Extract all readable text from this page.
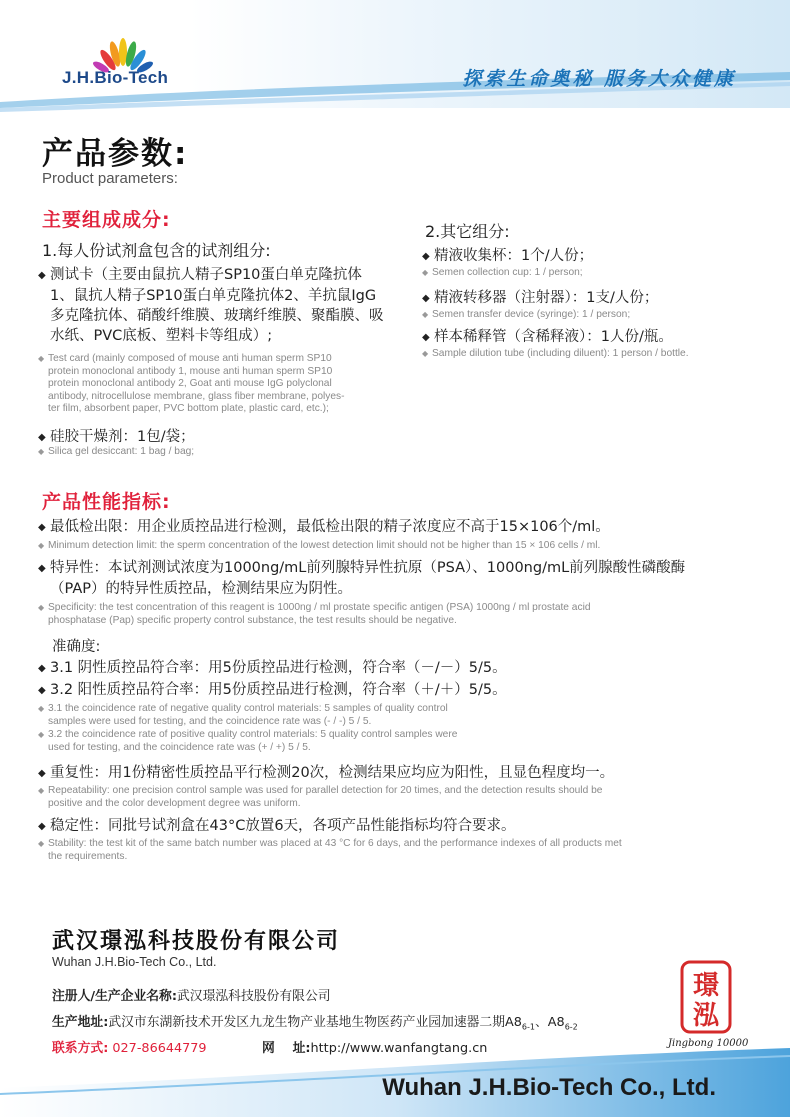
J.H.Bio-Tech	探索生命奥秘 服务大众健康
产品参数:
Product parameters:
主要组成成分:
1.每人份试剂盒包含的试剂组分:
◆ 测试卡（主要由鼠抗人精子SP10蛋白单克隆抗体
1、鼠抗人精子SP10蛋白单克隆抗体2、羊抗鼠IgG
多克隆抗体、硝酸纤维膜、玻璃纤维膜、聚酯膜、吸
水纸、PVC底板、塑料卡等组成）;
◆ Test card (mainly composed of mouse anti human sperm SP10
protein monoclonal antibody 1, mouse anti human sperm SP10
protein monoclonal antibody 2, Goat anti mouse IgG polyclonal
antibody, nitrocellulose membrane, glass fiber membrane, polyes-
ter film, absorbent paper, PVC bottom plate, plastic card, etc.);
◆ 硅胶干燥剂：1包/袋；
◆ Silica gel desiccant: 1 bag / bag;
2.其它组分:
◆ 精液收集杯：1个/人份；
◆ Semen collection cup: 1 / person;
◆ 精液转移器（注射器）：1支/人份；
◆ Semen transfer device (syringe): 1 / person;
◆ 样本稀释管（含稀释液）：1人份/瓶。
◆ Sample dilution tube (including diluent): 1 person / bottle.
产品性能指标:
◆ 最低检出限：用企业质控品进行检测，最低检出限的精子浓度应不高于15×106个/ml。
◆ Minimum detection limit: the sperm concentration of the lowest detection limit should not be higher than 15 × 106 cells / ml.
◆ 特异性：本试剂测试浓度为1000ng/mL前列腺特异性抗原（PSA）、1000ng/mL前列腺酸性磷酸酶
（PAP）的特异性质控品，检测结果应为阴性。
◆ Specificity: the test concentration of this reagent is 1000ng / ml prostate specific antigen (PSA) 1000ng / ml prostate acid
phosphatase (Pap) specific property control substance, the test results should be negative.
准确度:
◆ 3.1 阴性质控品符合率：用5份质控品进行检测，符合率（－/－）5/5。
◆ 3.2 阳性质控品符合率：用5份质控品进行检测，符合率（＋/＋）5/5。
◆ 3.1 the coincidence rate of negative quality control materials: 5 samples of quality control
samples were used for testing, and the coincidence rate was (- / -) 5 / 5.
◆ 3.2 the coincidence rate of positive quality control materials: 5 quality control samples were
used for testing, and the coincidence rate was (+ / +) 5 / 5.
◆ 重复性：用1份精密性质控品平行检测20次，检测结果应均应为阳性，且显色程度均一。
◆ Repeatability: one precision control sample was used for parallel detection for 20 times, and the detection results should be
positive and the color development degree was uniform.
◆ 稳定性：同批号试剂盒在43°C放置6天，各项产品性能指标均符合要求。
◆ Stability: the test kit of the same batch number was placed at 43 °C for 6 days, and the performance indexes of all products met
the requirements.
武汉璟泓科技股份有限公司
Wuhan J.H.Bio-Tech Co., Ltd.
注册人/生产企业名称:武汉璟泓科技股份有限公司
生产地址:武汉市东湖新技术开发区九龙生物产业基地生物医药产业园加速器二期$A8_{6-1}$、$A8_{6-2}$
联系方式: 027-86644779	网    址:http://www.wanfangtang.cn
璟
泓
Jingbong 10000
Wuhan J.H.Bio-Tech Co., Ltd.
